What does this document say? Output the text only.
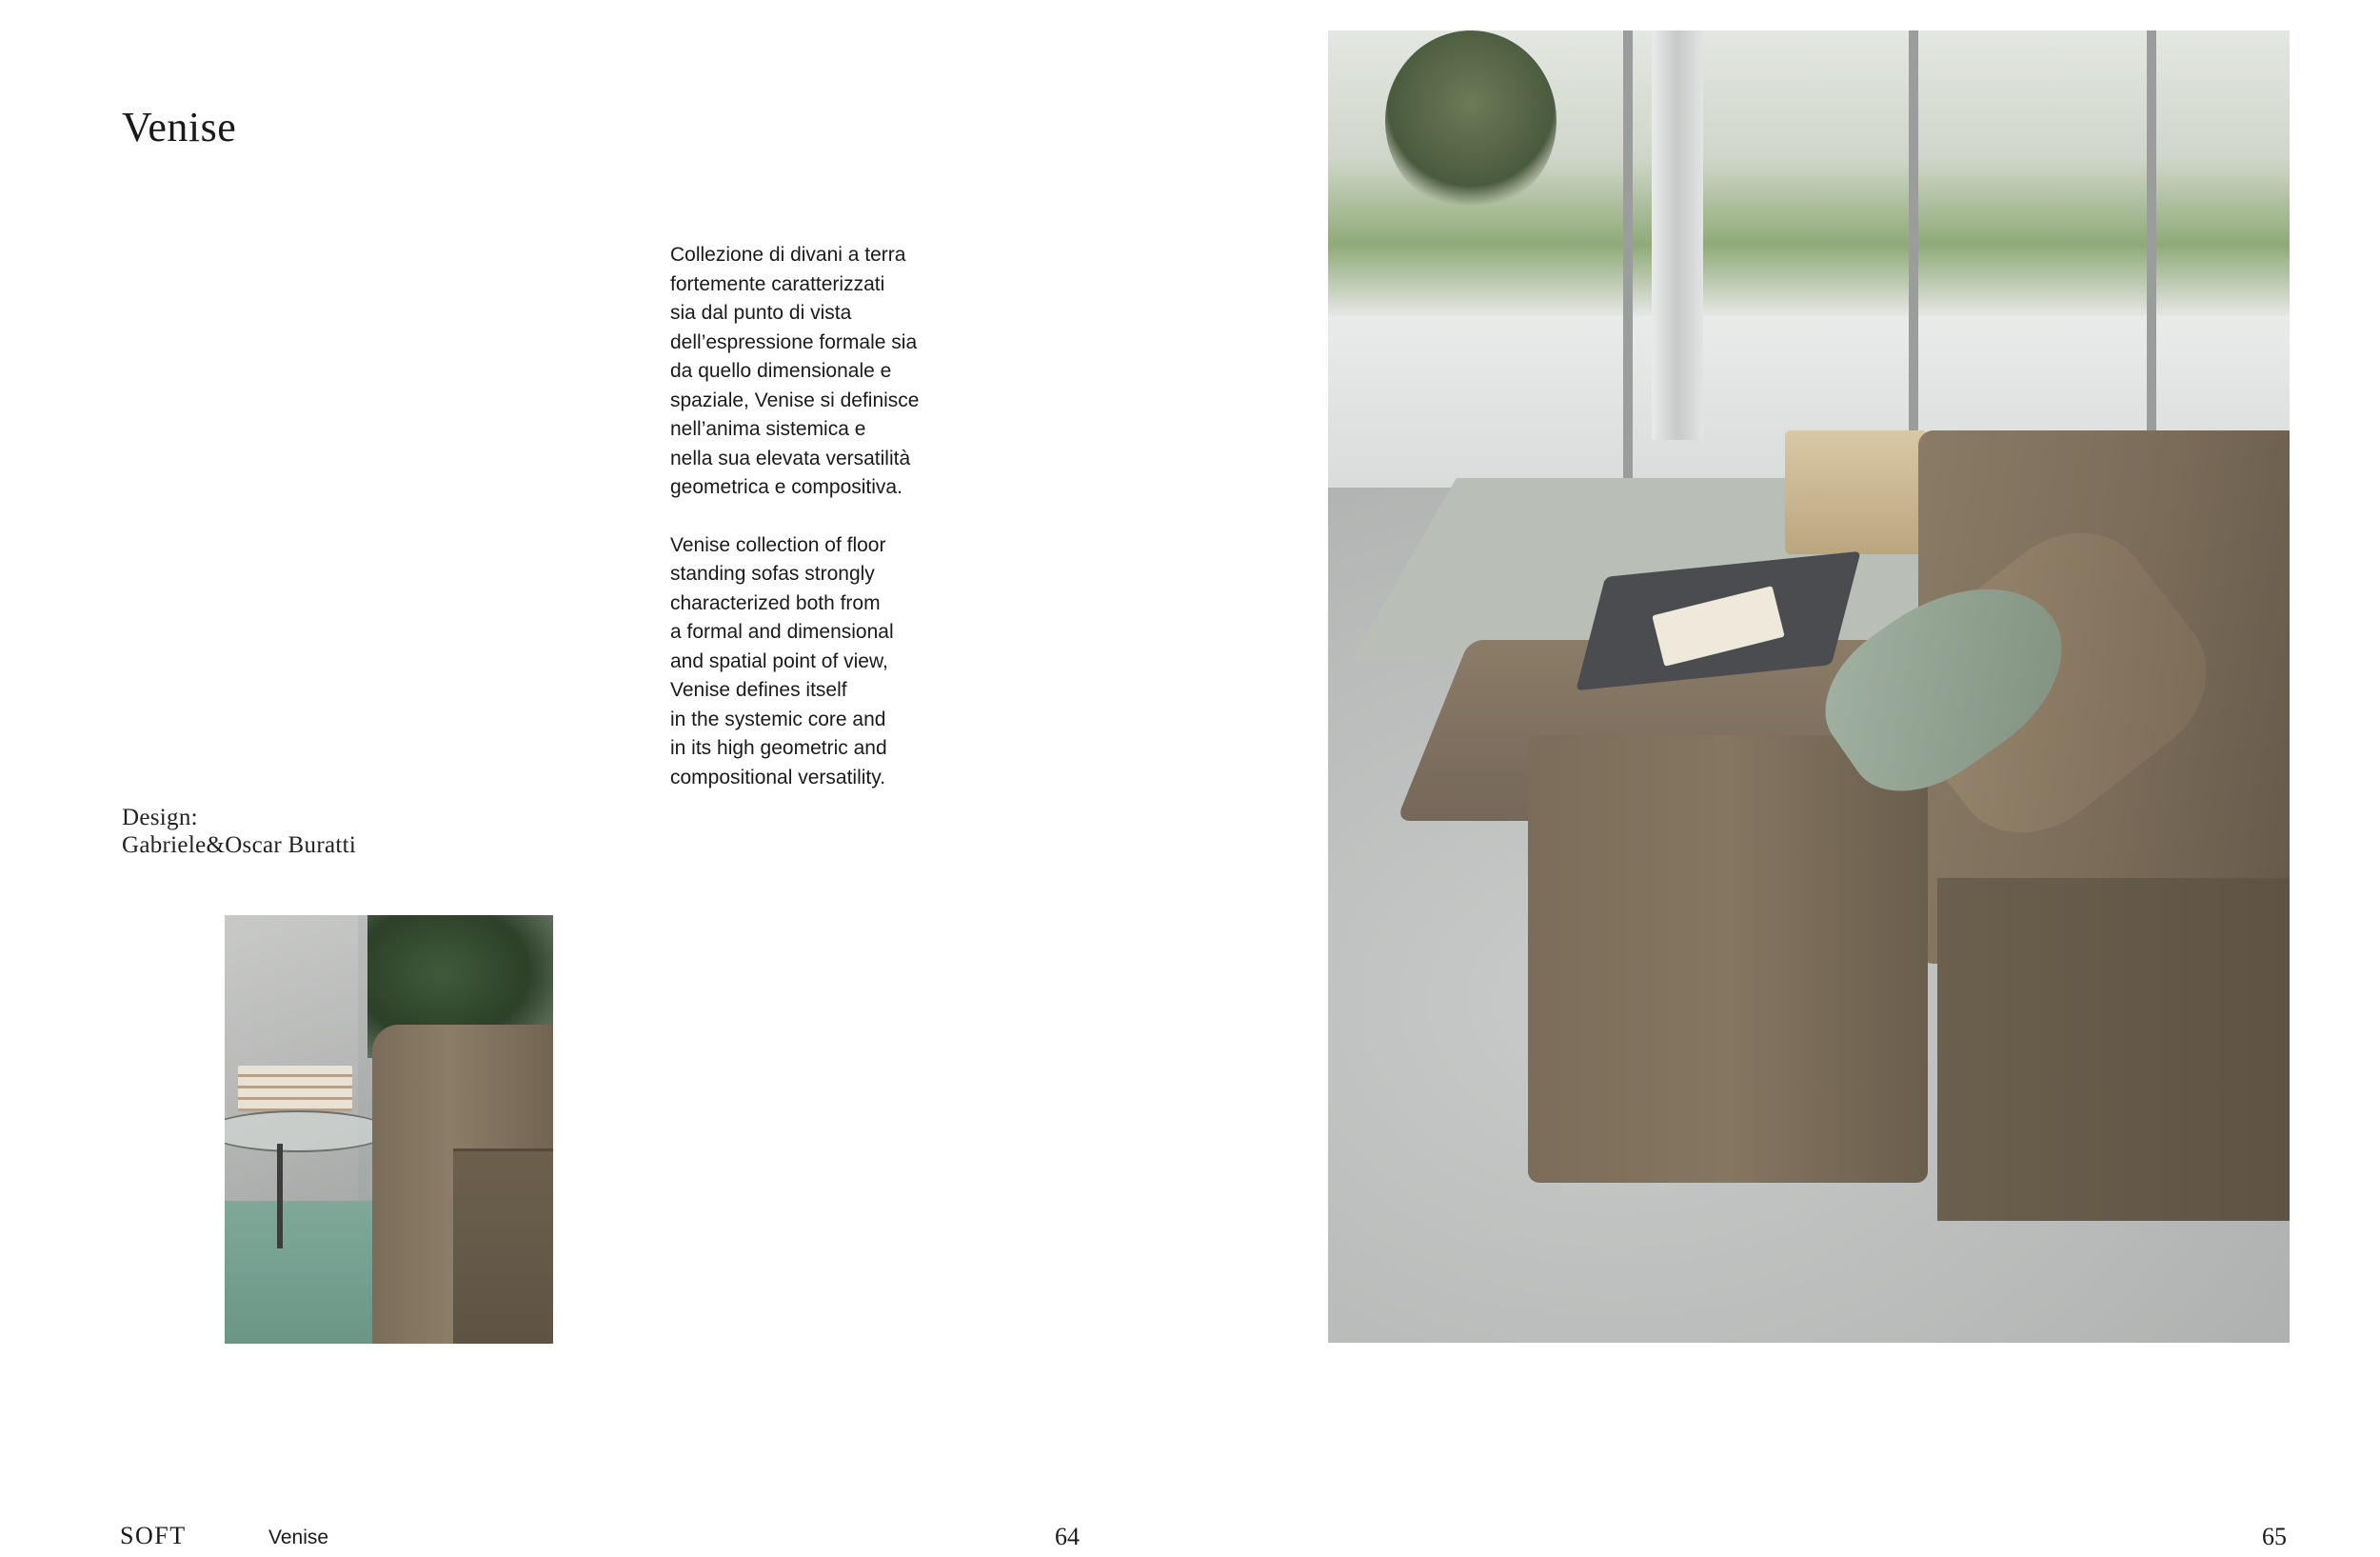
Venise

Collezione di divani a terra
fortemente caratterizzati
sia dal punto di vista
dell’espressione formale sia
da quello dimensionale e
spaziale, Venise si definisce
nell’anima sistemica e
nella sua elevata versatilità
geometrica e compositiva.

Venise collection of floor
standing sofas strongly
characterized both from
a formal and dimensional
and spatial point of view,
Venise defines itself
in the systemic core and
in its high geometric and
compositional versatility.

Design:
Gabriele&Oscar Buratti
SOFT	Venise	64	65
